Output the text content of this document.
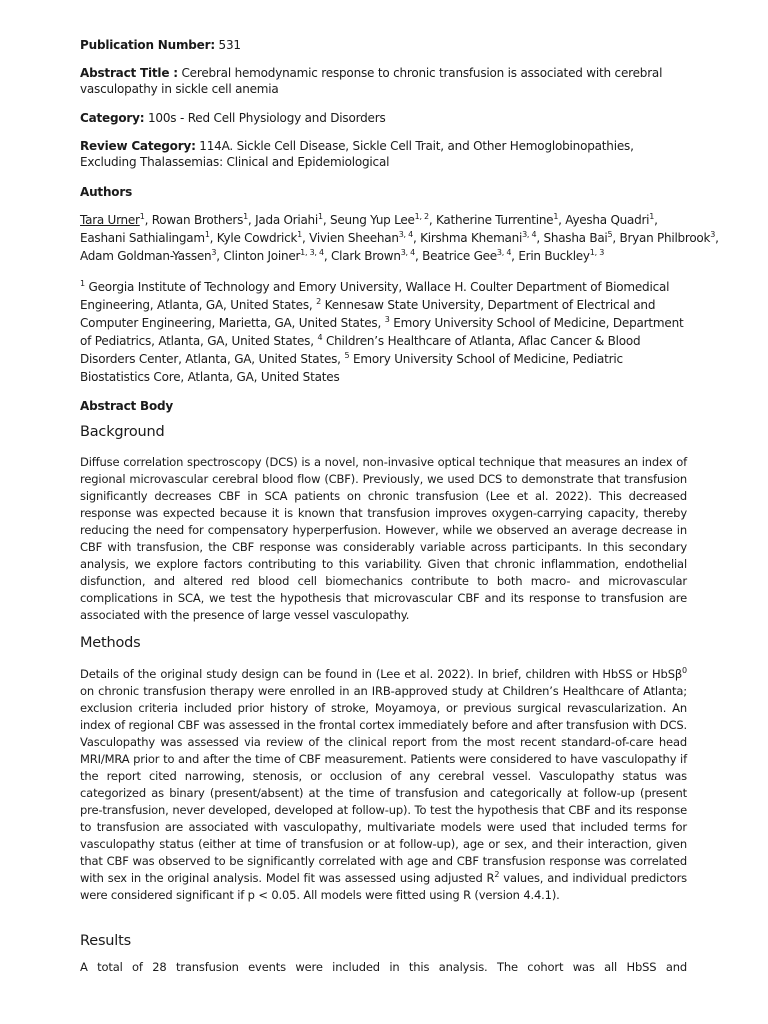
Publication Number: 531
Abstract Title : Cerebral hemodynamic response to chronic transfusion is associated with cerebral vasculopathy in sickle cell anemia
Category: 100s - Red Cell Physiology and Disorders
Review Category: 114A. Sickle Cell Disease, Sickle Cell Trait, and Other Hemoglobinopathies, Excluding Thalassemias: Clinical and Epidemiological
Authors
Tara Urner$^1$, Rowan Brothers$^1$, Jada Oriahi$^1$, Seung Yup Lee$^{1, 2}$, Katherine Turrentine$^1$, Ayesha Quadri$^1$,
Eashani Sathialingam$^1$, Kyle Cowdrick$^1$, Vivien Sheehan$^{3, 4}$, Kirshma Khemani$^{3, 4}$, Shasha Bai$^5$, Bryan Philbrook$^3$,
Adam Goldman-Yassen$^3$, Clinton Joiner$^{1, 3, 4}$, Clark Brown$^{3, 4}$, Beatrice Gee$^{3, 4}$, Erin Buckley$^{1, 3}$
$^1$ Georgia Institute of Technology and Emory University, Wallace H. Coulter Department of Biomedical Engineering, Atlanta, GA, United States, $^2$ Kennesaw State University, Department of Electrical and Computer Engineering, Marietta, GA, United States, $^3$ Emory University School of Medicine, Department of Pediatrics, Atlanta, GA, United States, $^4$ Children’s Healthcare of Atlanta, Aflac Cancer & Blood Disorders Center, Atlanta, GA, United States, $^5$ Emory University School of Medicine, Pediatric Biostatistics Core, Atlanta, GA, United States
Abstract Body
Background
Diffuse correlation spectroscopy (DCS) is a novel, non-invasive optical technique that measures an index of regional microvascular cerebral blood flow (CBF). Previously, we used DCS to demonstrate that transfusion significantly decreases CBF in SCA patients on chronic transfusion (Lee et al. 2022). This decreased response was expected because it is known that transfusion improves oxygen-carrying capacity, thereby reducing the need for compensatory hyperperfusion. However, while we observed an average decrease in CBF with transfusion, the CBF response was considerably variable across participants. In this secondary analysis, we explore factors contributing to this variability. Given that chronic inflammation, endothelial disfunction, and altered red blood cell biomechanics contribute to both macro- and microvascular complications in SCA, we test the hypothesis that microvascular CBF and its response to transfusion are associated with the presence of large vessel vasculopathy.
Methods
Details of the original study design can be found in (Lee et al. 2022). In brief, children with HbSS or HbSβ$^0$ on chronic transfusion therapy were enrolled in an IRB-approved study at Children’s Healthcare of Atlanta; exclusion criteria included prior history of stroke, Moyamoya, or previous surgical revascularization. An index of regional CBF was assessed in the frontal cortex immediately before and after transfusion with DCS. Vasculopathy was assessed via review of the clinical report from the most recent standard-of-care head MRI/MRA prior to and after the time of CBF measurement. Patients were considered to have vasculopathy if the report cited narrowing, stenosis, or occlusion of any cerebral vessel. Vasculopathy status was categorized as binary (present/absent) at the time of transfusion and categorically at follow-up (present pre-transfusion, never developed, developed at follow-up). To test the hypothesis that CBF and its response to transfusion are associated with vasculopathy, multivariate models were used that included terms for vasculopathy status (either at time of transfusion or at follow-up), age or sex, and their interaction, given that CBF was observed to be significantly correlated with age and CBF transfusion response was correlated with sex in the original analysis. Model fit was assessed using adjusted $R^2$ values, and individual predictors were considered significant if p < 0.05. All models were fitted using R (version 4.4.1).
Results
A total of 28 transfusion events were included in this analysis. The cohort was all HbSS and
